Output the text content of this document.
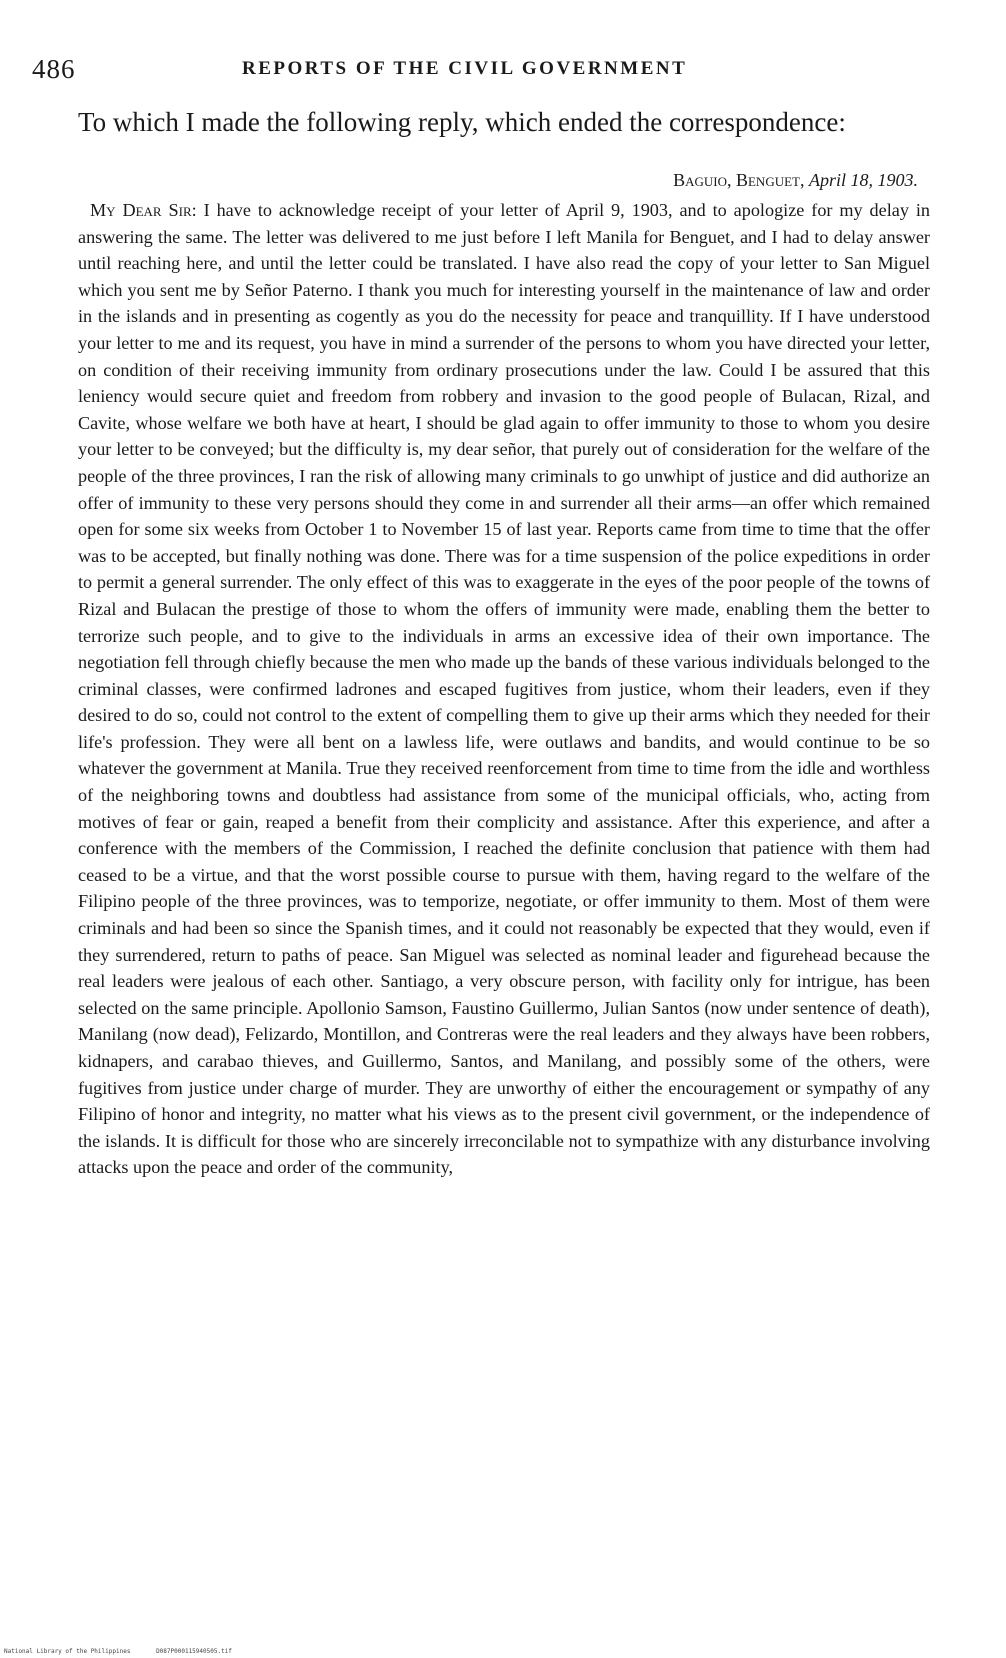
486	REPORTS OF THE CIVIL GOVERNMENT

To which I made the following reply, which ended the correspondence:

Baguio, Benguet, April 18, 1903.

My Dear Sir: I have to acknowledge receipt of your letter of April 9, 1903, and to apologize for my delay in answering the same. The letter was delivered to me just before I left Manila for Benguet, and I had to delay answer until reaching here, and until the letter could be translated. I have also read the copy of your letter to San Miguel which you sent me by Señor Paterno. I thank you much for interesting yourself in the maintenance of law and order in the islands and in presenting as cogently as you do the necessity for peace and tranquillity. If I have understood your letter to me and its request, you have in mind a surrender of the persons to whom you have directed your letter, on condition of their receiving immunity from ordinary prosecutions under the law. Could I be assured that this leniency would secure quiet and freedom from robbery and invasion to the good people of Bulacan, Rizal, and Cavite, whose welfare we both have at heart, I should be glad again to offer immunity to those to whom you desire your letter to be conveyed; but the difficulty is, my dear señor, that purely out of consideration for the welfare of the people of the three provinces, I ran the risk of allowing many criminals to go unwhipt of justice and did authorize an offer of immunity to these very persons should they come in and surrender all their arms—an offer which remained open for some six weeks from October 1 to November 15 of last year. Reports came from time to time that the offer was to be accepted, but finally nothing was done. There was for a time suspension of the police expeditions in order to permit a general surrender. The only effect of this was to exaggerate in the eyes of the poor people of the towns of Rizal and Bulacan the prestige of those to whom the offers of immunity were made, enabling them the better to terrorize such people, and to give to the individuals in arms an excessive idea of their own importance. The negotiation fell through chiefly because the men who made up the bands of these various individuals belonged to the criminal classes, were confirmed ladrones and escaped fugitives from justice, whom their leaders, even if they desired to do so, could not control to the extent of compelling them to give up their arms which they needed for their life's profession. They were all bent on a lawless life, were outlaws and bandits, and would continue to be so whatever the government at Manila. True they received reenforcement from time to time from the idle and worthless of the neighboring towns and doubtless had assistance from some of the municipal officials, who, acting from motives of fear or gain, reaped a benefit from their complicity and assistance. After this experience, and after a conference with the members of the Commission, I reached the definite conclusion that patience with them had ceased to be a virtue, and that the worst possible course to pursue with them, having regard to the welfare of the Filipino people of the three provinces, was to temporize, negotiate, or offer immunity to them. Most of them were criminals and had been so since the Spanish times, and it could not reasonably be expected that they would, even if they surrendered, return to paths of peace. San Miguel was selected as nominal leader and figurehead because the real leaders were jealous of each other. Santiago, a very obscure person, with facility only for intrigue, has been selected on the same principle. Apollonio Samson, Faustino Guillermo, Julian Santos (now under sentence of death), Manilang (now dead), Felizardo, Montillon, and Contreras were the real leaders and they always have been robbers, kidnapers, and carabao thieves, and Guillermo, Santos, and Manilang, and possibly some of the others, were fugitives from justice under charge of murder. They are unworthy of either the encouragement or sympathy of any Filipino of honor and integrity, no matter what his views as to the present civil government, or the independence of the islands. It is difficult for those who are sincerely irreconcilable not to sympathize with any disturbance involving attacks upon the peace and order of the community,

National Library of the Philippines	D087P000115940505.tif
